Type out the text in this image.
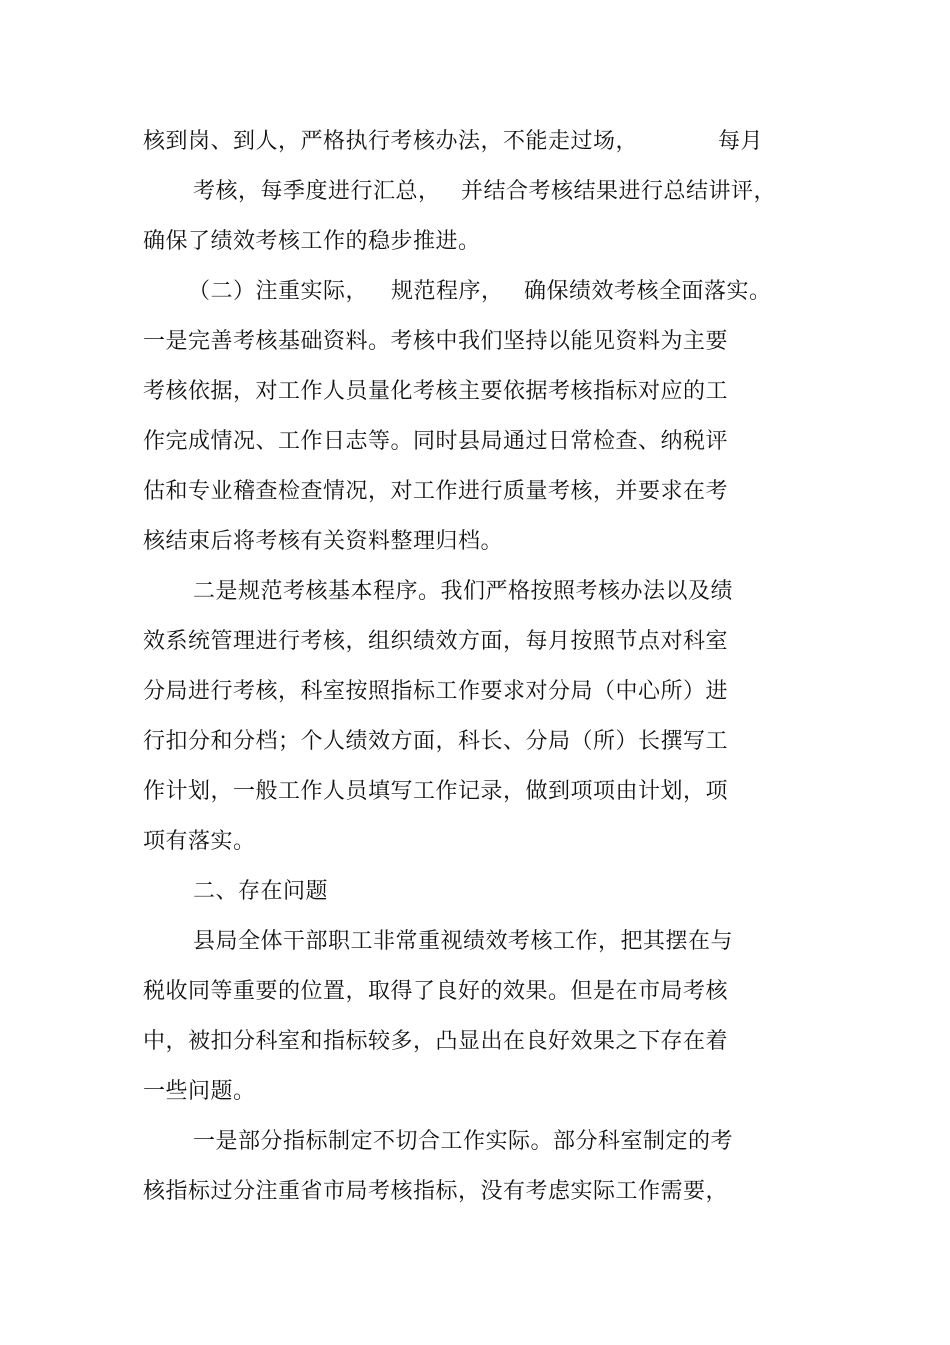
核到岗、到人，严格执行考核办法，不能走过场，	每月
考核，每季度进行汇总， 并结合考核结果进行总结讲评，
确保了绩效考核工作的稳步推进。
（二）注重实际， 规范程序， 确保绩效考核全面落实。
一是完善考核基础资料。考核中我们坚持以能见资料为主要
考核依据，对工作人员量化考核主要依据考核指标对应的工
作完成情况、工作日志等。同时县局通过日常检查、纳税评
估和专业稽查检查情况，对工作进行质量考核，并要求在考
核结束后将考核有关资料整理归档。
二是规范考核基本程序。我们严格按照考核办法以及绩
效系统管理进行考核，组织绩效方面，每月按照节点对科室
分局进行考核，科室按照指标工作要求对分局（中心所）进
行扣分和分档；个人绩效方面，科长、分局（所）长撰写工
作计划，一般工作人员填写工作记录，做到项项由计划，项
项有落实。
二、存在问题
县局全体干部职工非常重视绩效考核工作，把其摆在与
税收同等重要的位置，取得了良好的效果。但是在市局考核
中，被扣分科室和指标较多，凸显出在良好效果之下存在着
一些问题。
一是部分指标制定不切合工作实际。部分科室制定的考
核指标过分注重省市局考核指标，没有考虑实际工作需要，
